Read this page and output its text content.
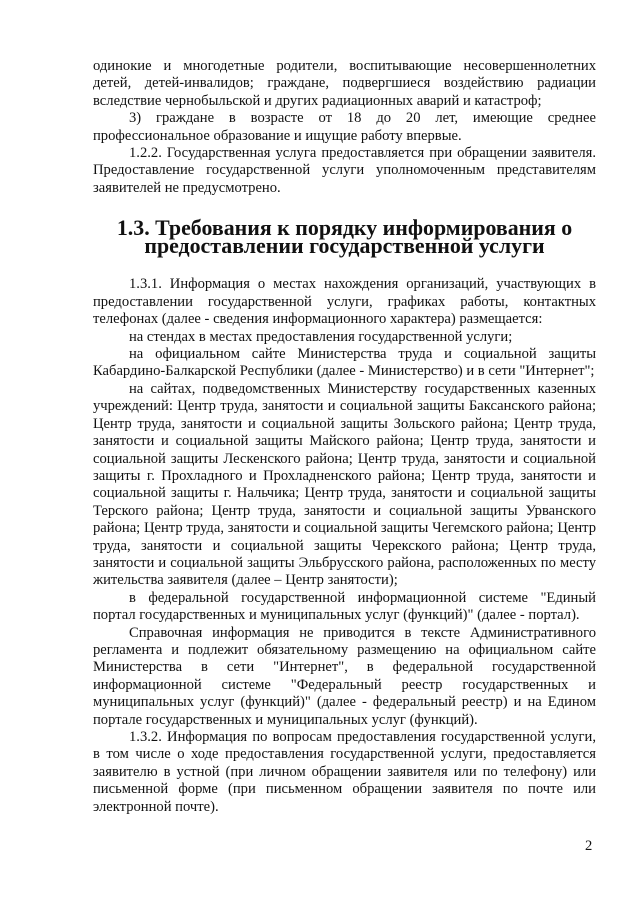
одинокие и многодетные родители, воспитывающие несовершеннолетних детей, детей-инвалидов; граждане, подвергшиеся воздействию радиации вследствие чернобыльской и других радиационных аварий и катастроф;

3) граждане в возрасте от 18 до 20 лет, имеющие среднее профессиональное образование и ищущие работу впервые.

1.2.2. Государственная услуга предоставляется при обращении заявителя. Предоставление государственной услуги уполномоченным представителям заявителей не предусмотрено.

1.3. Требования к порядку информирования о предоставлении государственной услуги

1.3.1. Информация о местах нахождения организаций, участвующих в предоставлении государственной услуги, графиках работы, контактных телефонах (далее - сведения информационного характера) размещается:

на стендах в местах предоставления государственной услуги;

на официальном сайте Министерства труда и социальной защиты Кабардино-Балкарской Республики (далее - Министерство) и в сети "Интернет";

на сайтах, подведомственных Министерству государственных казенных учреждений: Центр труда, занятости и социальной защиты Баксанского района; Центр труда, занятости и социальной защиты Зольского района; Центр труда, занятости и социальной защиты Майского района; Центр труда, занятости и социальной защиты Лескенского района; Центр труда, занятости и социальной защиты г. Прохладного и Прохладненского района; Центр труда, занятости и социальной защиты г. Нальчика; Центр труда, занятости и социальной защиты Терского района; Центр труда, занятости и социальной защиты Урванского района; Центр труда, занятости и социальной защиты Чегемского района; Центр труда, занятости и социальной защиты Черекского района; Центр труда, занятости и социальной защиты Эльбрусского района, расположенных по месту жительства заявителя (далее – Центр занятости);

в федеральной государственной информационной системе "Единый портал государственных и муниципальных услуг (функций)" (далее - портал).

Справочная информация не приводится в тексте Административного регламента и подлежит обязательному размещению на официальном сайте Министерства в сети "Интернет", в федеральной государственной информационной системе "Федеральный реестр государственных и муниципальных услуг (функций)" (далее - федеральный реестр) и на Едином портале государственных и муниципальных услуг (функций).

1.3.2. Информация по вопросам предоставления государственной услуги, в том числе о ходе предоставления государственной услуги, предоставляется заявителю в устной (при личном обращении заявителя или по телефону) или письменной форме (при письменном обращении заявителя по почте или электронной почте).

2
